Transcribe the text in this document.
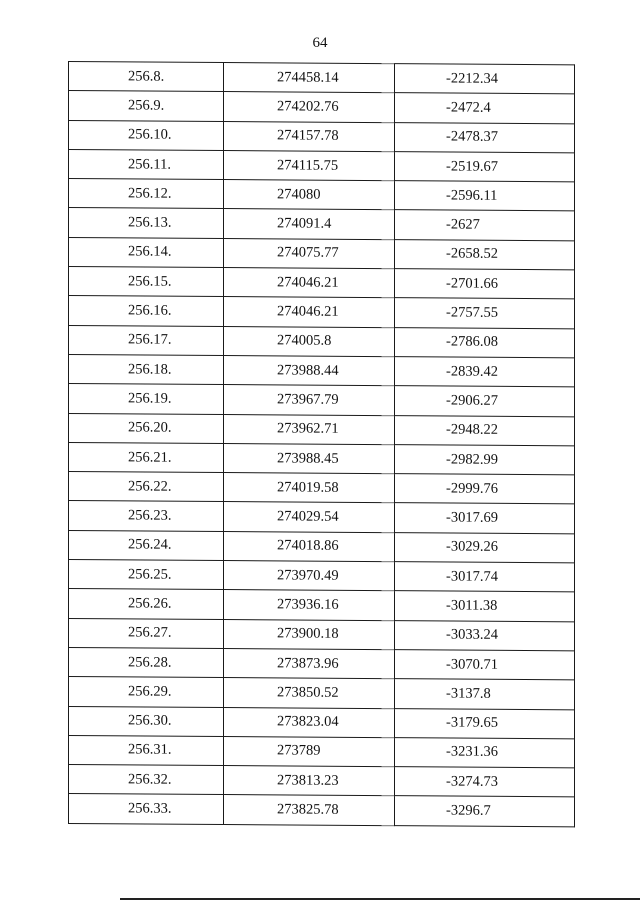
64
256.8.	274458.14	-2212.34
256.9.	274202.76	-2472.4
256.10.	274157.78	-2478.37
256.11.	274115.75	-2519.67
256.12.	274080	-2596.11
256.13.	274091.4	-2627
256.14.	274075.77	-2658.52
256.15.	274046.21	-2701.66
256.16.	274046.21	-2757.55
256.17.	274005.8	-2786.08
256.18.	273988.44	-2839.42
256.19.	273967.79	-2906.27
256.20.	273962.71	-2948.22
256.21.	273988.45	-2982.99
256.22.	274019.58	-2999.76
256.23.	274029.54	-3017.69
256.24.	274018.86	-3029.26
256.25.	273970.49	-3017.74
256.26.	273936.16	-3011.38
256.27.	273900.18	-3033.24
256.28.	273873.96	-3070.71
256.29.	273850.52	-3137.8
256.30.	273823.04	-3179.65
256.31.	273789	-3231.36
256.32.	273813.23	-3274.73
256.33.	273825.78	-3296.7
